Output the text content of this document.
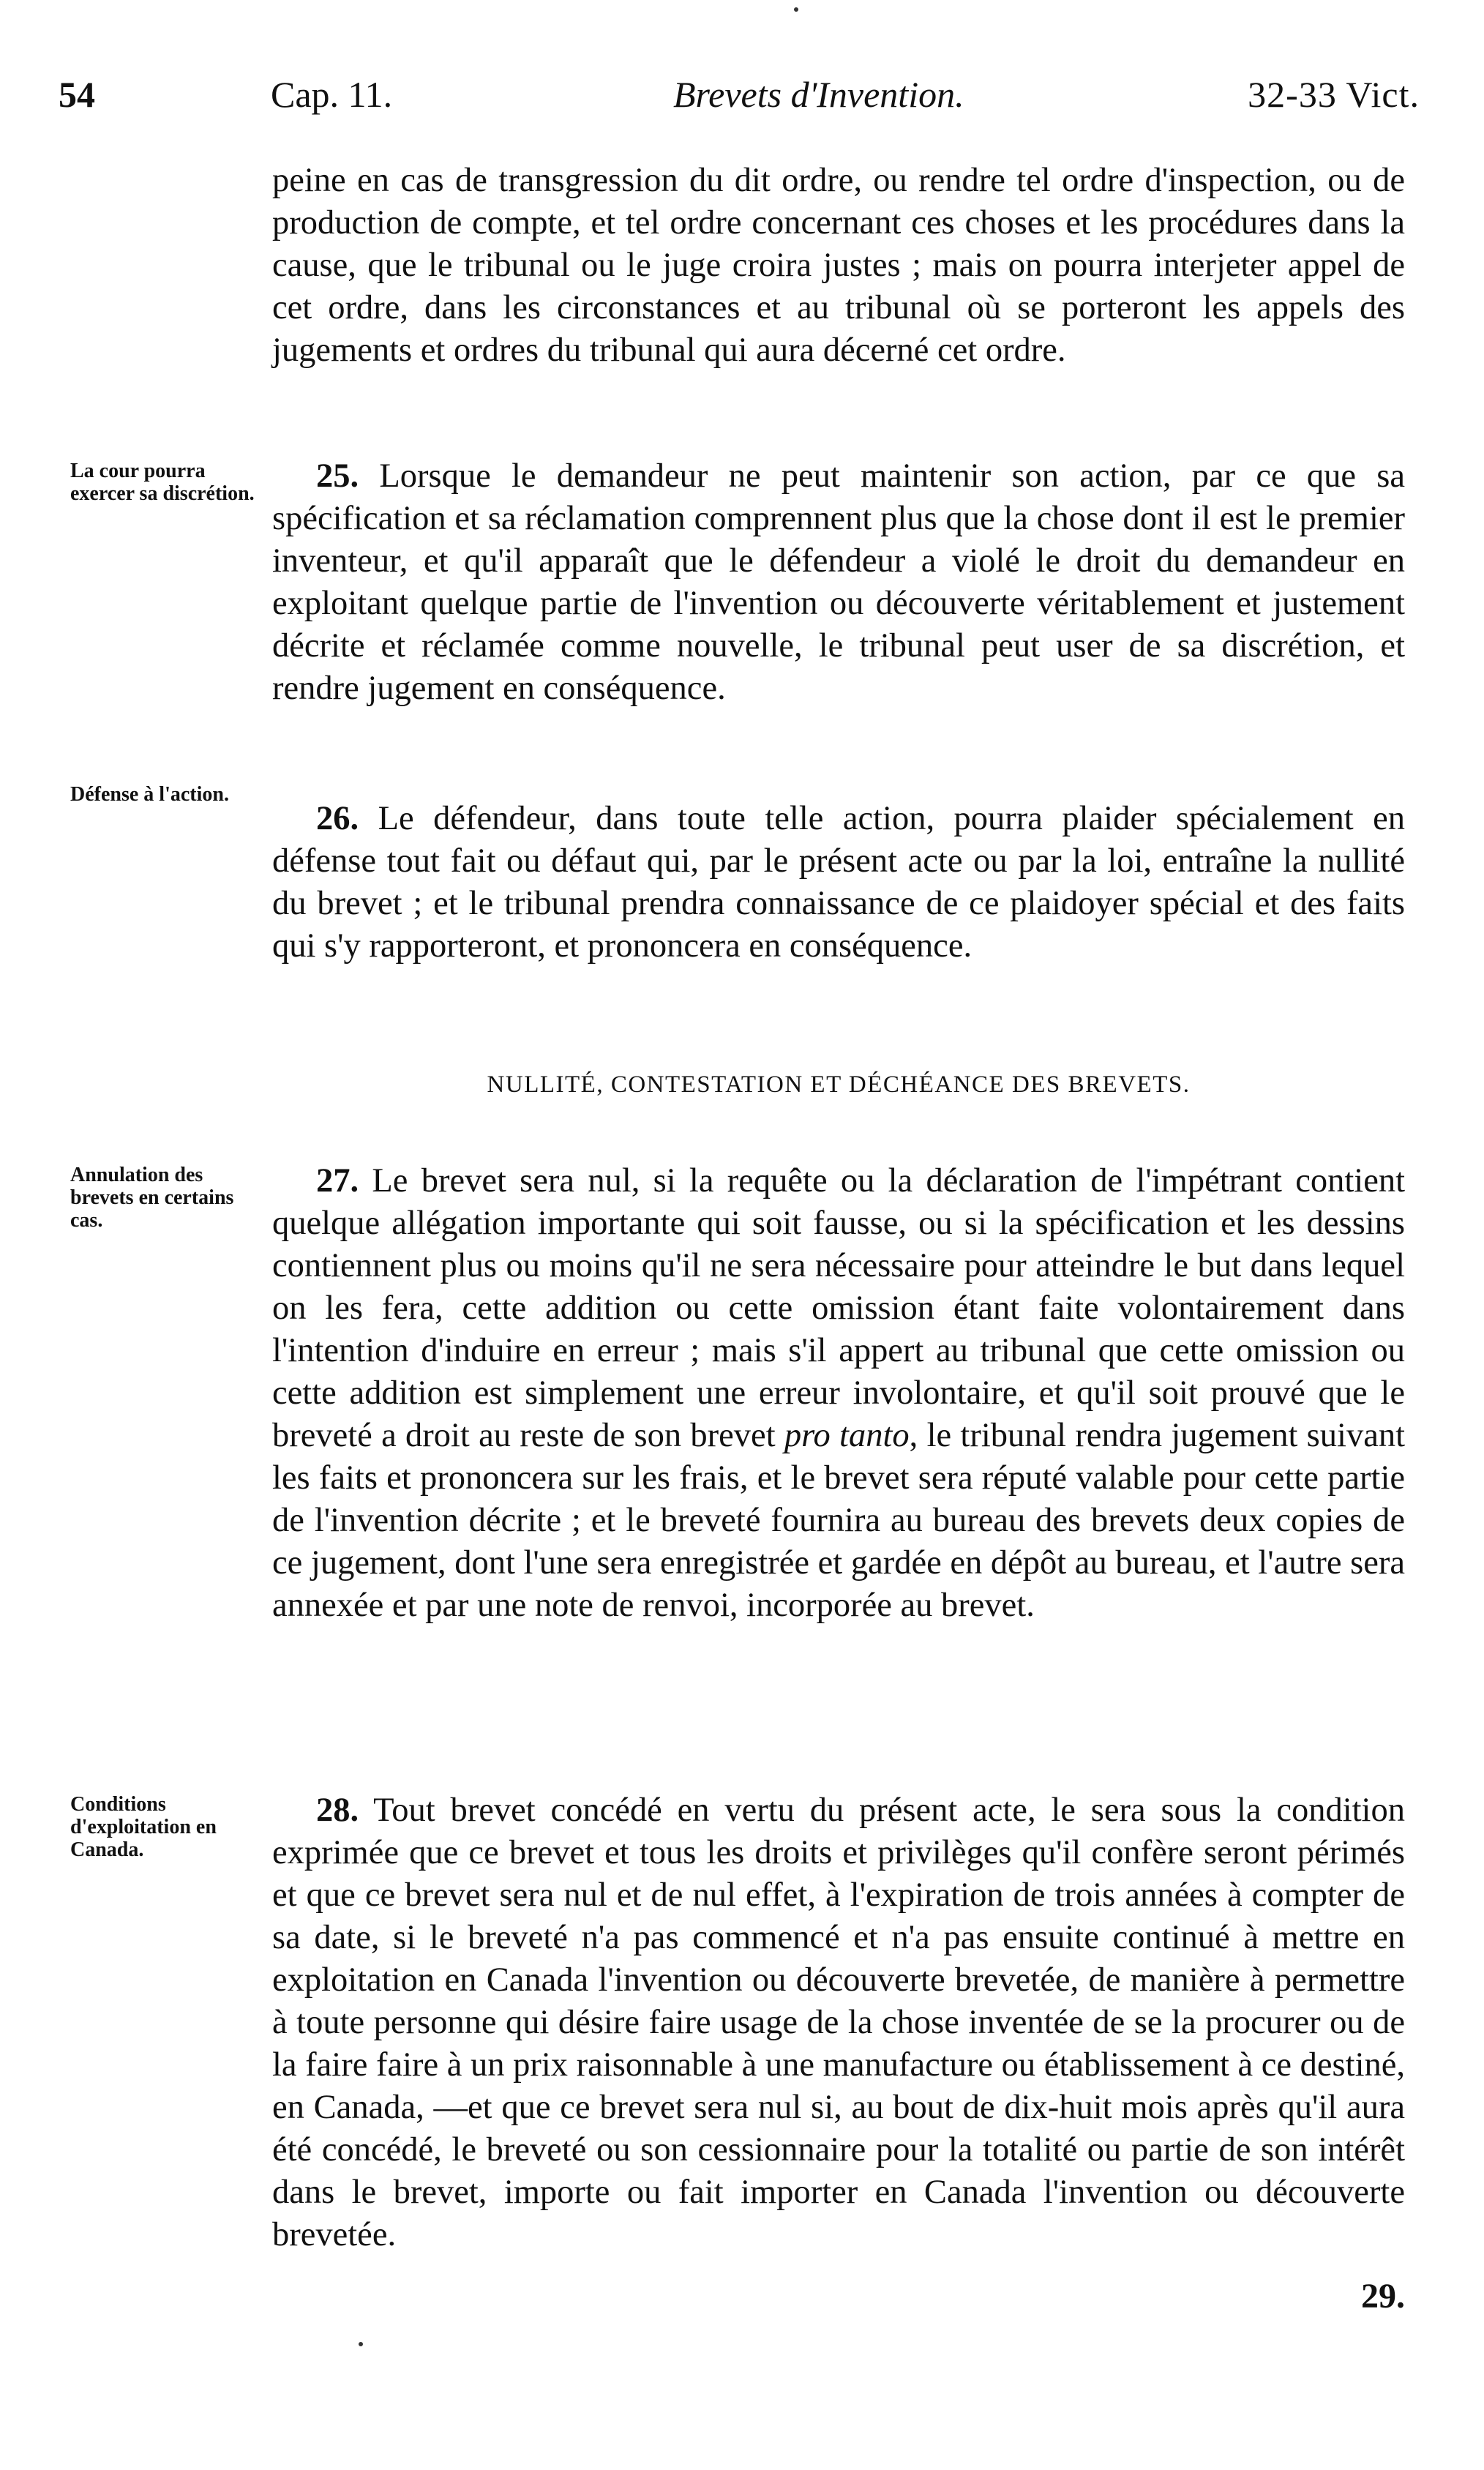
54	Cap. 11.	Brevets d'Invention.	32-33 Vict.

peine en cas de transgression du dit ordre, ou rendre tel ordre d'inspection, ou de production de compte, et tel ordre concernant ces choses et les procédures dans la cause, que le tribunal ou le juge croira justes ; mais on pourra interjeter appel de cet ordre, dans les circonstances et au tribunal où se porteront les appels des jugements et ordres du tribunal qui aura décerné cet ordre.

La cour pourra exercer sa discrétion.	25. Lorsque le demandeur ne peut maintenir son action, par ce que sa spécification et sa réclamation comprennent plus que la chose dont il est le premier inventeur, et qu'il apparaît que le défendeur a violé le droit du demandeur en exploitant quelque partie de l'invention ou découverte véritablement et justement décrite et réclamée comme nouvelle, le tribunal peut user de sa discrétion, et rendre jugement en conséquence.

Défense à l'action.

26. Le défendeur, dans toute telle action, pourra plaider spécialement en défense tout fait ou défaut qui, par le présent acte ou par la loi, entraîne la nullité du brevet ; et le tribunal prendra connaissance de ce plaidoyer spécial et des faits qui s'y rapporteront, et prononcera en conséquence.

NULLITÉ, CONTESTATION ET DÉCHÉANCE DES BREVETS.
Annulation des brevets en certains cas.

27. Le brevet sera nul, si la requête ou la déclaration de l'impétrant contient quelque allégation importante qui soit fausse, ou si la spécification et les dessins contiennent plus ou moins qu'il ne sera nécessaire pour atteindre le but dans lequel on les fera, cette addition ou cette omission étant faite volontairement dans l'intention d'induire en erreur ; mais s'il appert au tribunal que cette omission ou cette addition est simplement une erreur involontaire, et qu'il soit prouvé que le breveté a droit au reste de son brevet pro tanto, le tribunal rendra jugement suivant les faits et prononcera sur les frais, et le brevet sera réputé valable pour cette partie de l'invention décrite ; et le breveté fournira au bureau des brevets deux copies de ce jugement, dont l'une sera enregistrée et gardée en dépôt au bureau, et l'autre sera annexée et par une note de renvoi, incorporée au brevet.

Conditions d'exploitation en Canada.

28. Tout brevet concédé en vertu du présent acte, le sera sous la condition exprimée que ce brevet et tous les droits et privilèges qu'il confère seront périmés et que ce brevet sera nul et de nul effet, à l'expiration de trois années à compter de sa date, si le breveté n'a pas commencé et n'a pas ensuite continué à mettre en exploitation en Canada l'invention ou découverte brevetée, de manière à permettre à toute personne qui désire faire usage de la chose inventée de se la procurer ou de la faire faire à un prix raisonnable à une manufacture ou établissement à ce destiné, en Canada, —et que ce brevet sera nul si, au bout de dix-huit mois après qu'il aura été concédé, le breveté ou son cessionnaire pour la totalité ou partie de son intérêt dans le brevet, importe ou fait importer en Canada l'invention ou découverte brevetée.

29.
